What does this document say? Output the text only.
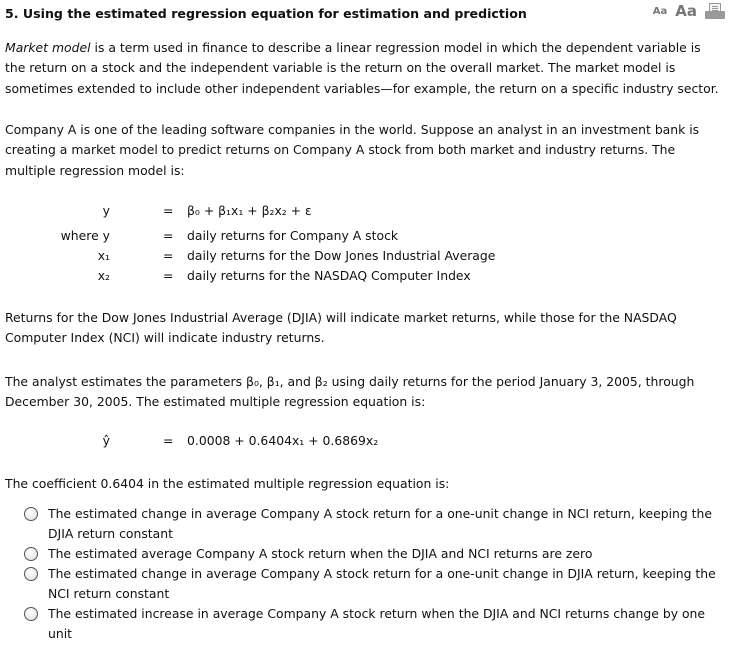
5. Using the estimated regression equation for estimation and prediction	Aa Aa
Market model is a term used in finance to describe a linear regression model in which the dependent variable is the return on a stock and the independent variable is the return on the overall market. The market model is sometimes extended to include other independent variables—for example, the return on a specific industry sector.
Company A is one of the leading software companies in the world. Suppose an analyst in an investment bank is creating a market model to predict returns on Company A stock from both market and industry returns. The multiple regression model is:
y	= β₀ + β₁x₁ + β₂x₂ + ε
where y	= daily returns for Company A stock
x₁	= daily returns for the Dow Jones Industrial Average
x₂	= daily returns for the NASDAQ Computer Index
Returns for the Dow Jones Industrial Average (DJIA) will indicate market returns, while those for the NASDAQ Computer Index (NCI) will indicate industry returns.
The analyst estimates the parameters β₀, β₁, and β₂ using daily returns for the period January 3, 2005, through December 30, 2005. The estimated multiple regression equation is:
ŷ	= 0.0008 + 0.6404x₁ + 0.6869x₂
The coefficient 0.6404 in the estimated multiple regression equation is:
The estimated change in average Company A stock return for a one-unit change in NCI return, keeping the DJIA return constant
The estimated average Company A stock return when the DJIA and NCI returns are zero
The estimated change in average Company A stock return for a one-unit change in DJIA return, keeping the NCI return constant
The estimated increase in average Company A stock return when the DJIA and NCI returns change by one unit
